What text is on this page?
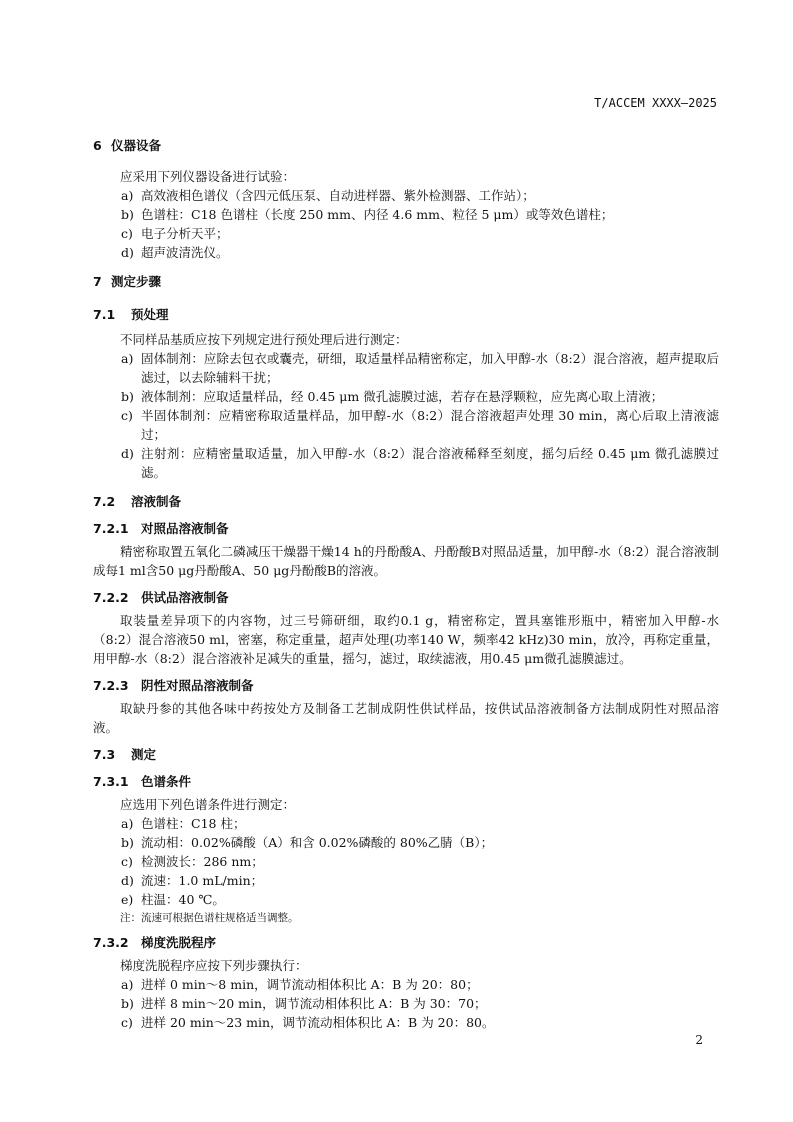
T/ACCEM XXXX—2025
6 仪器设备
应采用下列仪器设备进行试验：
a) 高效液相色谱仪（含四元低压泵、自动进样器、紫外检测器、工作站）；
b) 色谱柱：C18 色谱柱（长度 250 mm、内径 4.6 mm、粒径 5 μm）或等效色谱柱；
c) 电子分析天平；
d) 超声波清洗仪。
7 测定步骤
7.1 预处理
不同样品基质应按下列规定进行预处理后进行测定：
a) 固体制剂：应除去包衣或囊壳，研细，取适量样品精密称定，加入甲醇-水（8:2）混合溶液，超声提取后滤过，以去除辅料干扰；
b) 液体制剂：应取适量样品，经 0.45 μm 微孔滤膜过滤，若存在悬浮颗粒，应先离心取上清液；
c) 半固体制剂：应精密称取适量样品，加甲醇-水（8:2）混合溶液超声处理 30 min，离心后取上清液滤过；
d) 注射剂：应精密量取适量，加入甲醇-水（8:2）混合溶液稀释至刻度，摇匀后经 0.45 μm 微孔滤膜过滤。
7.2 溶液制备
7.2.1 对照品溶液制备
精密称取置五氧化二磷减压干燥器干燥14 h的丹酚酸A、丹酚酸B对照品适量，加甲醇-水（8:2）混合溶液制成每1 ml含50 μg丹酚酸A、50 μg丹酚酸B的溶液。
7.2.2 供试品溶液制备
取装量差异项下的内容物，过三号筛研细，取约0.1 g，精密称定，置具塞锥形瓶中，精密加入甲醇-水（8:2）混合溶液50 ml，密塞，称定重量，超声处理(功率140 W，频率42 kHz)30 min，放冷，再称定重量，用甲醇-水（8:2）混合溶液补足减失的重量，摇匀，滤过，取续滤液，用0.45 μm微孔滤膜滤过。
7.2.3 阴性对照品溶液制备
取缺丹参的其他各味中药按处方及制备工艺制成阴性供试样品，按供试品溶液制备方法制成阴性对照品溶液。
7.3 测定
7.3.1 色谱条件
应选用下列色谱条件进行测定：
a) 色谱柱：C18 柱；
b) 流动相：0.02%磷酸（A）和含 0.02%磷酸的 80%乙腈（B）；
c) 检测波长：286 nm；
d) 流速：1.0 mL/min；
e) 柱温：40 ℃。
注：流速可根据色谱柱规格适当调整。
7.3.2 梯度洗脱程序
梯度洗脱程序应按下列步骤执行：
a) 进样 0 min～8 min，调节流动相体积比 A：B 为 20：80；
b) 进样 8 min～20 min，调节流动相体积比 A：B 为 30：70；
c) 进样 20 min～23 min，调节流动相体积比 A：B 为 20：80。
2
